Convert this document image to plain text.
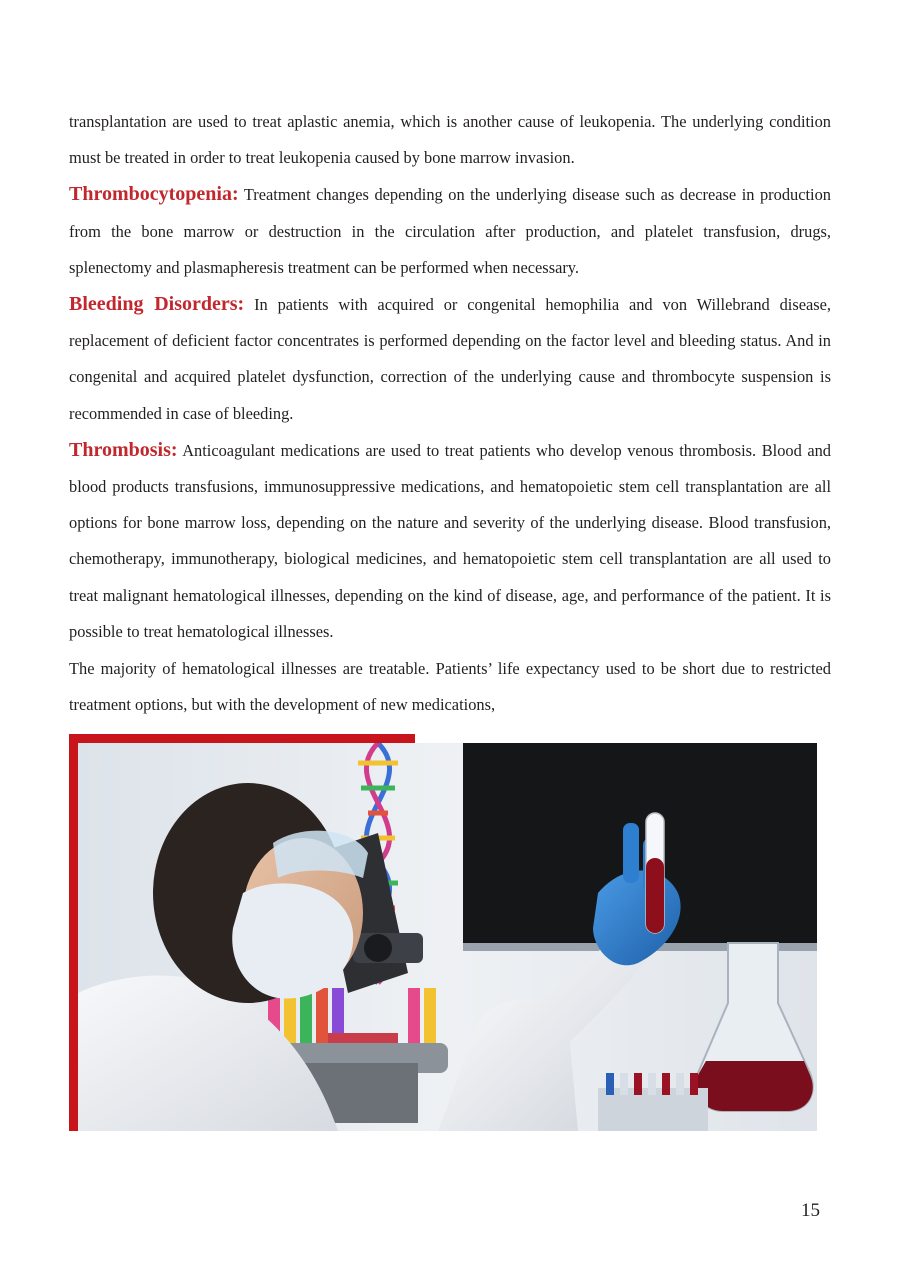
transplantation are used to treat aplastic anemia, which is another cause of leukopenia. The underlying condition must be treated in order to treat leukopenia caused by bone marrow invasion.

Thrombocytopenia: Treatment changes depending on the underlying disease such as decrease in production from the bone marrow or destruction in the circulation after production, and platelet transfusion, drugs, splenectomy and plasmapheresis treatment can be performed when necessary.

Bleeding Disorders: In patients with acquired or congenital hemophilia and von Willebrand disease, replacement of deficient factor concentrates is performed depending on the factor level and bleeding status. And in congenital and acquired platelet dysfunction, correction of the underlying cause and thrombocyte suspension is recommended in case of bleeding.

Thrombosis: Anticoagulant medications are used to treat patients who develop venous thrombosis. Blood and blood products transfusions, immunosuppressive medications, and hematopoietic stem cell transplantation are all options for bone marrow loss, depending on the nature and severity of the underlying disease. Blood transfusion, chemotherapy, immunotherapy, biological medicines, and hematopoietic stem cell transplantation are all used to treat malignant hematological illnesses, depending on the kind of disease, age, and performance of the patient. It is possible to treat hematological illnesses.

The majority of hematological illnesses are treatable. Patients’ life expectancy used to be short due to restricted treatment options, but with the development of new medications,

15
